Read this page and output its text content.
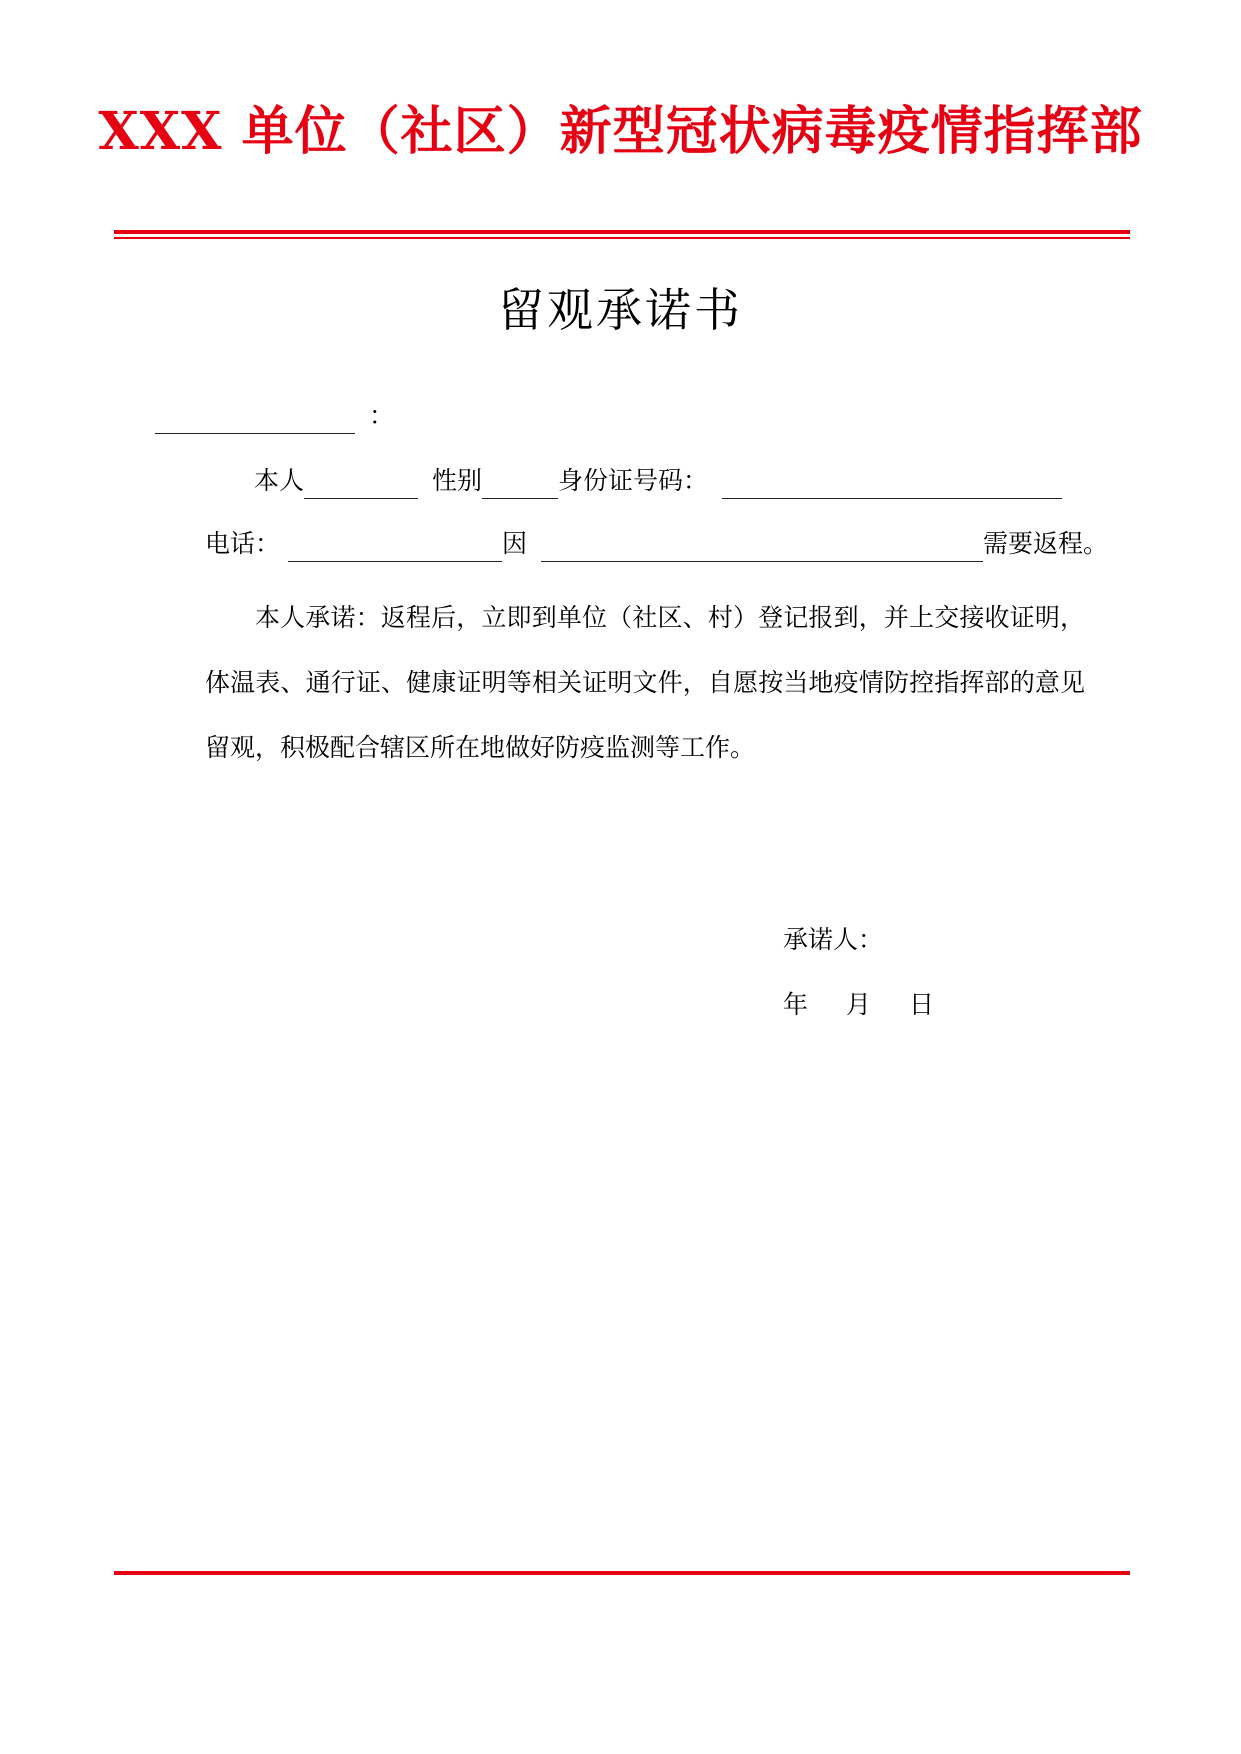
XXX 单位（社区）新型冠状病毒疫情指挥部
留观承诺书
：
本人	性别	身份证号码：
电话：	因	需要返程。
本人承诺：返程后，立即到单位（社区、村）登记报到，并上交接收证明，体温表、通行证、健康证明等相关证明文件，自愿按当地疫情防控指挥部的意见留观，积极配合辖区所在地做好防疫监测等工作。
承诺人：
年 月 日
